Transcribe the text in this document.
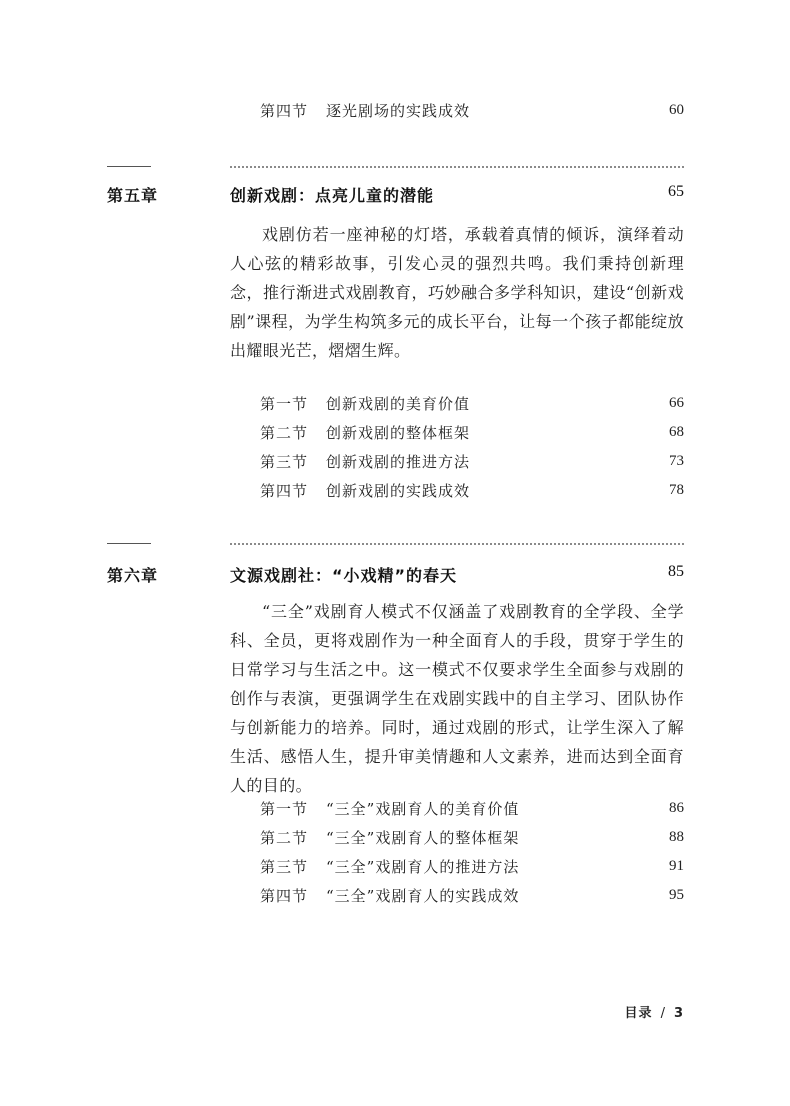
第四节	逐光剧场的实践成效	60
第五章	创新戏剧：点亮儿童的潜能	65

戏剧仿若一座神秘的灯塔，承载着真情的倾诉，演绎着动人心弦的精彩故事，引发心灵的强烈共鸣。我们秉持创新理念，推行渐进式戏剧教育，巧妙融合多学科知识，建设“创新戏剧”课程，为学生构筑多元的成长平台，让每一个孩子都能绽放出耀眼光芒，熠熠生辉。

第一节	创新戏剧的美育价值	66
第二节	创新戏剧的整体框架	68
第三节	创新戏剧的推进方法	73
第四节	创新戏剧的实践成效	78
第六章	文源戏剧社：“小戏精”的春天	85

“三全”戏剧育人模式不仅涵盖了戏剧教育的全学段、全学科、全员，更将戏剧作为一种全面育人的手段，贯穿于学生的日常学习与生活之中。这一模式不仅要求学生全面参与戏剧的创作与表演，更强调学生在戏剧实践中的自主学习、团队协作与创新能力的培养。同时，通过戏剧的形式，让学生深入了解生活、感悟人生，提升审美情趣和人文素养，进而达到全面育人的目的。

第一节	“三全”戏剧育人的美育价值	86
第二节	“三全”戏剧育人的整体框架	88
第三节	“三全”戏剧育人的推进方法	91
第四节	“三全”戏剧育人的实践成效	95
目录 / 3
